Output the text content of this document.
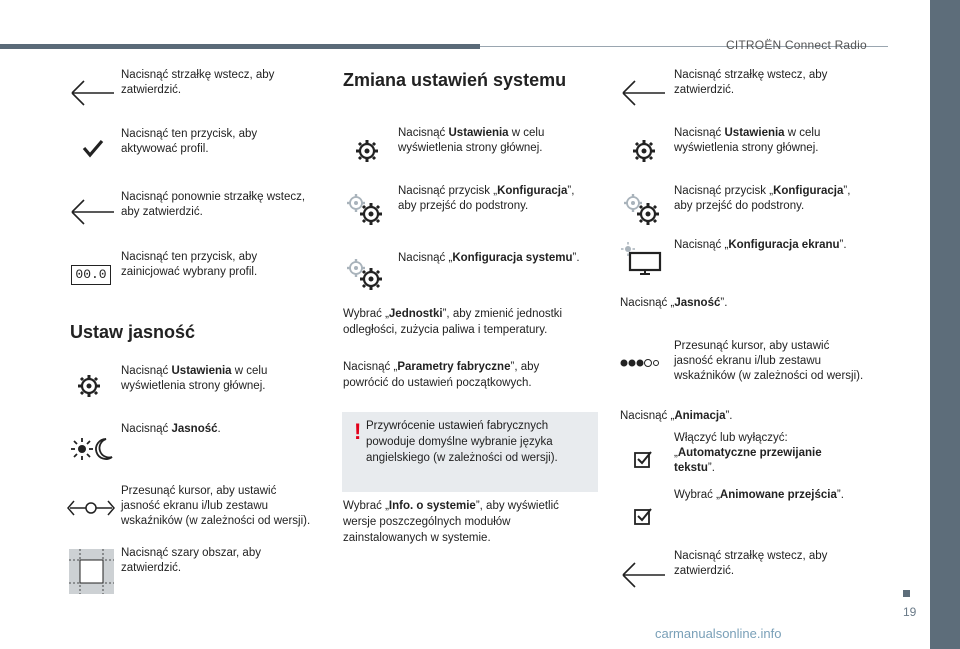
CITROËN Connect Radio
19
carmanualsonline.info
Nacisnąć strzałkę wstecz, aby zatwierdzić.
Nacisnąć ten przycisk, aby aktywować profil.
Nacisnąć ponownie strzałkę wstecz, aby zatwierdzić.
00.0
Nacisnąć ten przycisk, aby zainicjować wybrany profil.
Ustaw jasność
Nacisnąć Ustawienia w celu wyświetlenia strony głównej.
Nacisnąć Jasność.
Przesunąć kursor, aby ustawić jasność ekranu i/lub zestawu wskaźników (w zależności od wersji).
Nacisnąć szary obszar, aby zatwierdzić.
Zmiana ustawień systemu
Nacisnąć Ustawienia w celu wyświetlenia strony głównej.
Nacisnąć przycisk „Konfiguracja”, aby przejść do podstrony.
Nacisnąć „Konfiguracja systemu”.
Wybrać „Jednostki”, aby zmienić jednostki odległości, zużycia paliwa i temperatury.
Nacisnąć „Parametry fabryczne”, aby powrócić do ustawień początkowych.
! Przywrócenie ustawień fabrycznych powoduje domyślne wybranie języka angielskiego (w zależności od wersji).
Wybrać „Info. o systemie”, aby wyświetlić wersje poszczególnych modułów zainstalowanych w systemie.
Nacisnąć strzałkę wstecz, aby zatwierdzić.
Nacisnąć Ustawienia w celu wyświetlenia strony głównej.
Nacisnąć przycisk „Konfiguracja”, aby przejść do podstrony.
Nacisnąć „Konfiguracja ekranu”.
Nacisnąć „Jasność”.
Przesunąć kursor, aby ustawić jasność ekranu i/lub zestawu wskaźników (w zależności od wersji).
Nacisnąć „Animacja”.
Włączyć lub wyłączyć: „Automatyczne przewijanie tekstu”.
Wybrać „Animowane przejścia”.
Nacisnąć strzałkę wstecz, aby zatwierdzić.
